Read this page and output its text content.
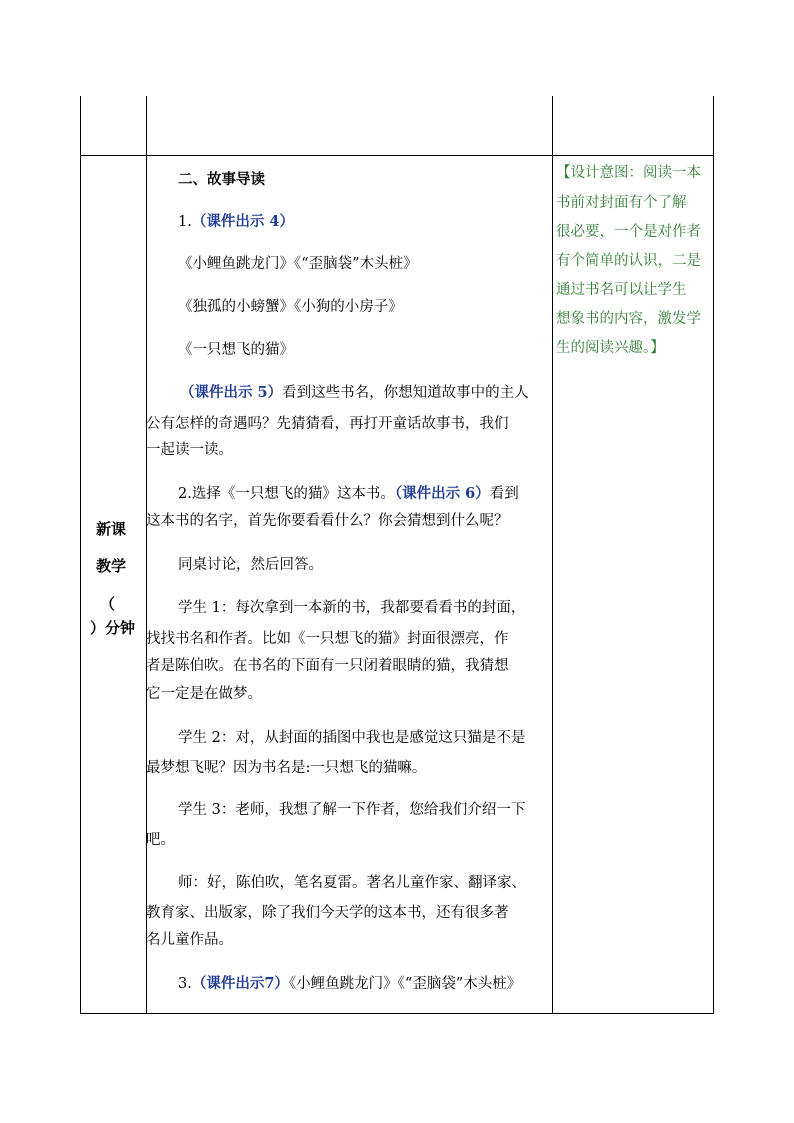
新课
教学
（
）分钟
二、故事导读
1.（课件出示 4）
《小鲤鱼跳龙门》《“歪脑袋”木头桩》
《独孤的小螃蟹》《小狗的小房子》
《一只想飞的猫》
（课件出示 5）看到这些书名，你想知道故事中的主人
公有怎样的奇遇吗？先猜猜看，再打开童话故事书，我们
一起读一读。
2.选择《一只想飞的猫》这本书。（课件出示 6）看到
这本书的名字，首先你要看看什么？你会猜想到什么呢？
同桌讨论，然后回答。
学生 1：每次拿到一本新的书，我都要看看书的封面，
找找书名和作者。比如《一只想飞的猫》封面很漂亮，作
者是陈伯吹。在书名的下面有一只闭着眼睛的猫，我猜想
它一定是在做梦。
学生 2：对，从封面的插图中我也是感觉这只猫是不是
最梦想飞呢？因为书名是:一只想飞的猫嘛。
学生 3：老师，我想了解一下作者，您给我们介绍一下
吧。
师：好，陈伯吹，笔名夏雷。著名儿童作家、翻译家、
教育家、出版家，除了我们今天学的这本书，还有很多著
名儿童作品。
3.（课件出示7）《小鲤鱼跳龙门》《“歪脑袋”木头桩》
【设计意图：阅读一本
书前对封面有个了解
很必要，一个是对作者
有个简单的认识，二是
通过书名可以让学生
想象书的内容，激发学
生的阅读兴趣。】
